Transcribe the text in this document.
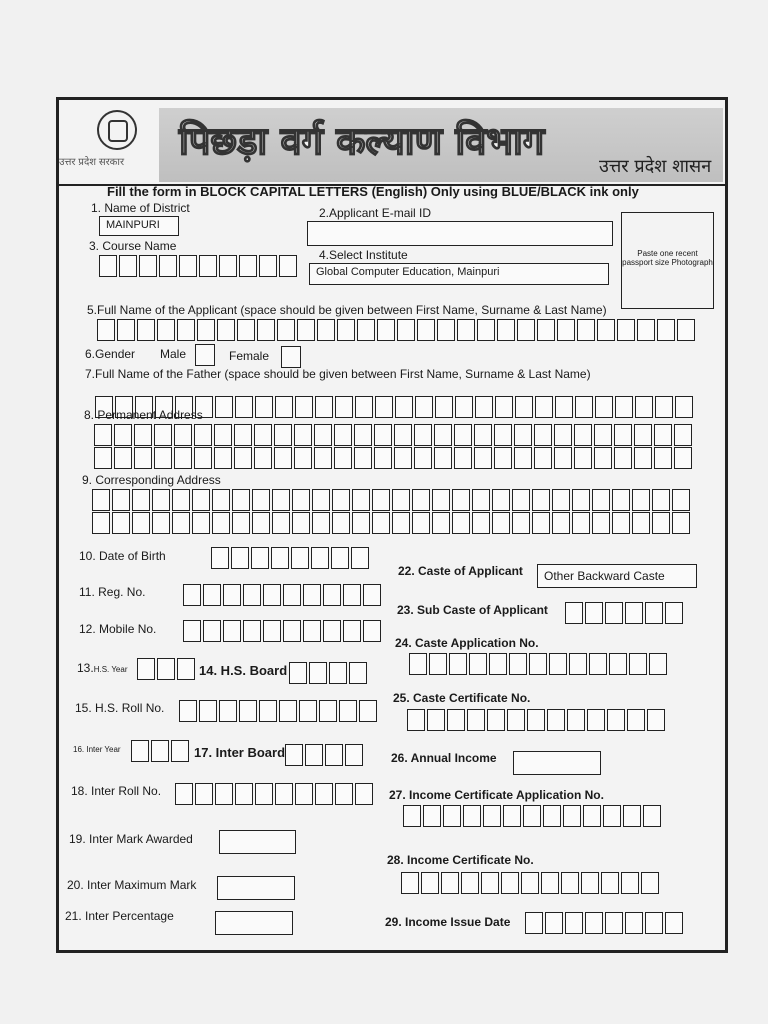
उत्तर प्रदेश सरकार पिछड़ा वर्ग कल्याण विभाग
उत्तर प्रदेश शासन
Fill the form in BLOCK CAPITAL LETTERS (English) Only using BLUE/BLACK ink only
1. Name of District
MAINPURI
2.Applicant E-mail ID
3. Course Name
4.Select Institute
Global Computer Education, Mainpuri
Paste one recent passport size Photograph
5.Full Name of the Applicant (space should be given between First Name, Surname & Last Name)
6.Gender Male	Female
7.Full Name of the Father (space should be given between First Name, Surname & Last Name)
8. Permanent Address
9. Corresponding Address
10. Date of Birth
11. Reg. No.
12. Mobile No.
13.H.S. Year	14. H.S. Board
15. H.S. Roll No.
16. Inter Year	17. Inter Board
18. Inter Roll No.
19. Inter Mark Awarded
20. Inter Maximum Mark
21. Inter Percentage
22. Caste of Applicant	Other Backward Caste
23. Sub Caste of Applicant
24. Caste Application No.
25. Caste Certificate No.
26. Annual Income
27. Income Certificate Application No.
28. Income Certificate No.
29. Income Issue Date
